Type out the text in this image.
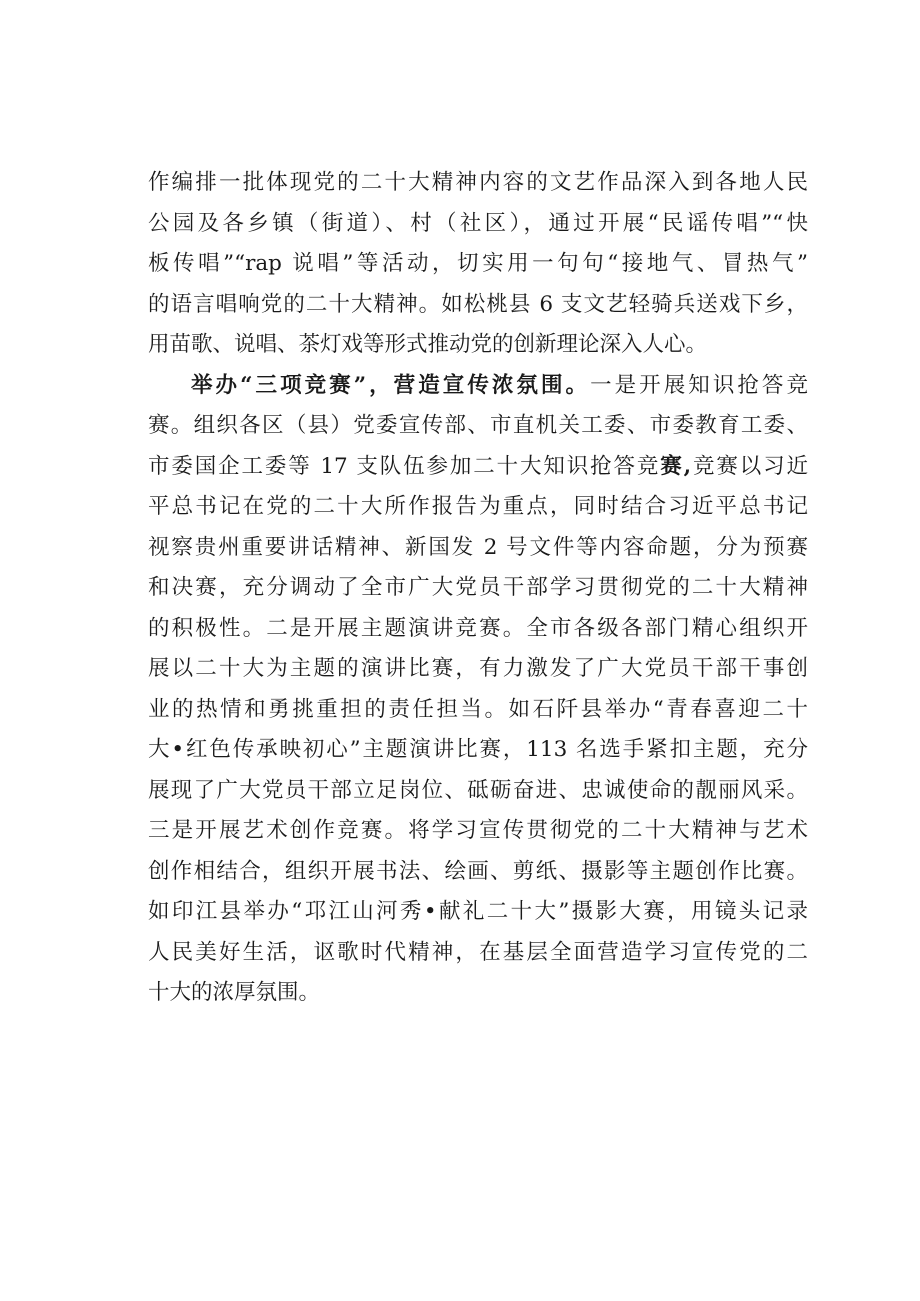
作编排一批体现党的二十大精神内容的文艺作品深入到各地人民
公园及各乡镇（街道）、村（社区），通过开展“民谣传唱”“快
板传唱”“rap 说唱”等活动，切实用一句句“接地气、冒热气”
的语言唱响党的二十大精神。如松桃县 6 支文艺轻骑兵送戏下乡，
用苗歌、说唱、茶灯戏等形式推动党的创新理论深入人心。
举办“三项竞赛”，营造宣传浓氛围。一是开展知识抢答竞
赛。组织各区（县）党委宣传部、市直机关工委、市委教育工委、
市委国企工委等 17 支队伍参加二十大知识抢答竞赛,竞赛以习近
平总书记在党的二十大所作报告为重点，同时结合习近平总书记
视察贵州重要讲话精神、新国发 2 号文件等内容命题，分为预赛
和决赛，充分调动了全市广大党员干部学习贯彻党的二十大精神
的积极性。二是开展主题演讲竞赛。全市各级各部门精心组织开
展以二十大为主题的演讲比赛，有力激发了广大党员干部干事创
业的热情和勇挑重担的责任担当。如石阡县举办“青春喜迎二十
大•红色传承映初心”主题演讲比赛，113 名选手紧扣主题，充分
展现了广大党员干部立足岗位、砥砺奋进、忠诚使命的靓丽风采。
三是开展艺术创作竞赛。将学习宣传贯彻党的二十大精神与艺术
创作相结合，组织开展书法、绘画、剪纸、摄影等主题创作比赛。
如印江县举办“邛江山河秀•献礼二十大”摄影大赛，用镜头记录
人民美好生活，讴歌时代精神，在基层全面营造学习宣传党的二
十大的浓厚氛围。
